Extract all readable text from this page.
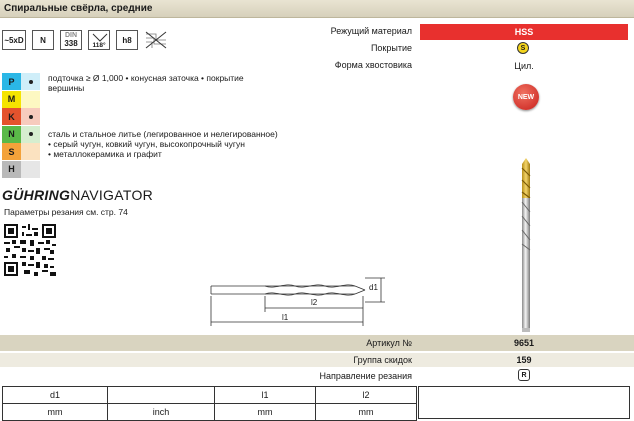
Спиральные свёрла, средние
~5xD N	DIN
338 118°
h8
Режущий материал	HSS
Покрытие	S
Форма хвостовика	Цил.
NEW
P
M
K
N
S
H
подточка ≥ Ø 1,000 • конусная заточка • покрытие
вершины
сталь и стальное литье (легированное и нелегированное)
• серый чугун, ковкий чугун, высокопрочный чугун
• металлокерамика и графит
GÜHRINGNAVIGATOR
Параметры резания см. стр. 74
d1
l2
l1
Артикул №	9651
Группа скидок	159
Направление резания	R
d1		l1	l2
mm	inch	mm	mm
